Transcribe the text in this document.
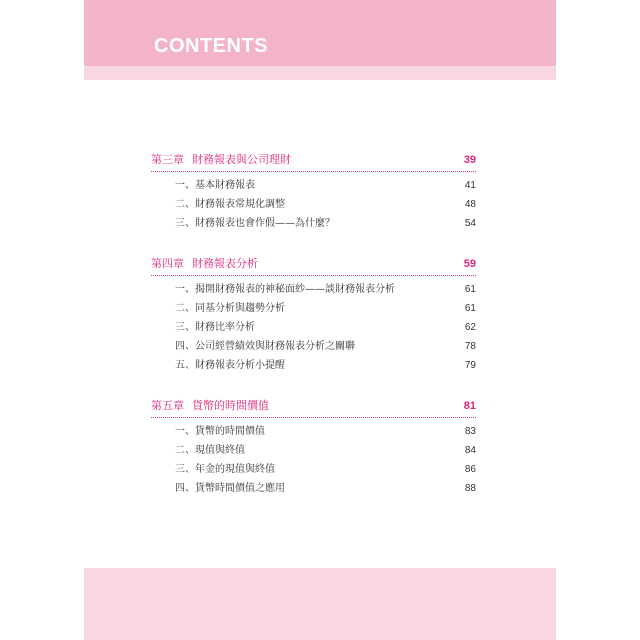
CONTENTS
第三章 財務報表與公司理財	39
一、基本財務報表	41
二、財務報表常規化調整	48
三、財務報表也會作假——為什麼？	54
第四章 財務報表分析	59
一、揭開財務報表的神秘面紗——談財務報表分析	61
二、同基分析與趨勢分析	61
三、財務比率分析	62
四、公司經營績效與財務報表分析之關聯	78
五、財務報表分析小提醒	79
第五章 貨幣的時間價值	81
一、貨幣的時間價值	83
二、現值與終值	84
三、年金的現值與終值	86
四、貨幣時間價值之應用	88
